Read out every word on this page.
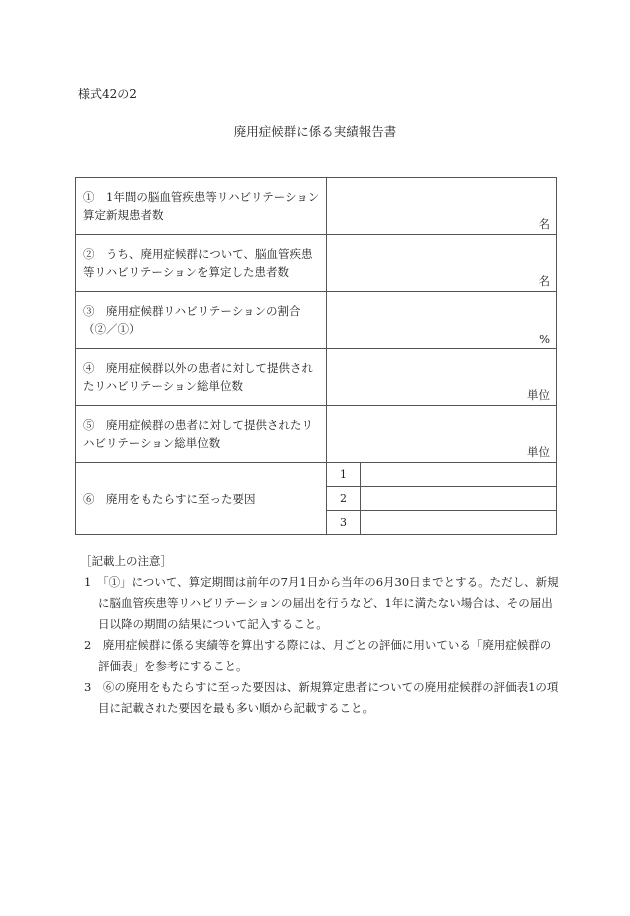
様式42の2
廃用症候群に係る実績報告書
①　1年間の脳血管疾患等リハビリテーション算定新規患者数	名	

②　うち、廃用症候群について、脳血管疾患等リハビリテーションを算定した患者数	名	

③　廃用症候群リハビリテーションの割合（②／①）	%	

④　廃用症候群以外の患者に対して提供されたリハビリテーション総単位数	単位	

⑤　廃用症候群の患者に対して提供されたリハビリテーション総単位数	単位	

⑥　廃用をもたらすに至った要因	1	
	2	
	3	
［記載上の注意］
1　「①」について、算定期間は前年の7月1日から当年の6月30日までとする。ただし、新規に脳血管疾患等リハビリテーションの届出を行うなど、1年に満たない場合は、その届出日以降の期間の結果について記入すること。
2　廃用症候群に係る実績等を算出する際には、月ごとの評価に用いている「廃用症候群の評価表」を参考にすること。
3　⑥の廃用をもたらすに至った要因は、新規算定患者についての廃用症候群の評価表1の項目に記載された要因を最も多い順から記載すること。
